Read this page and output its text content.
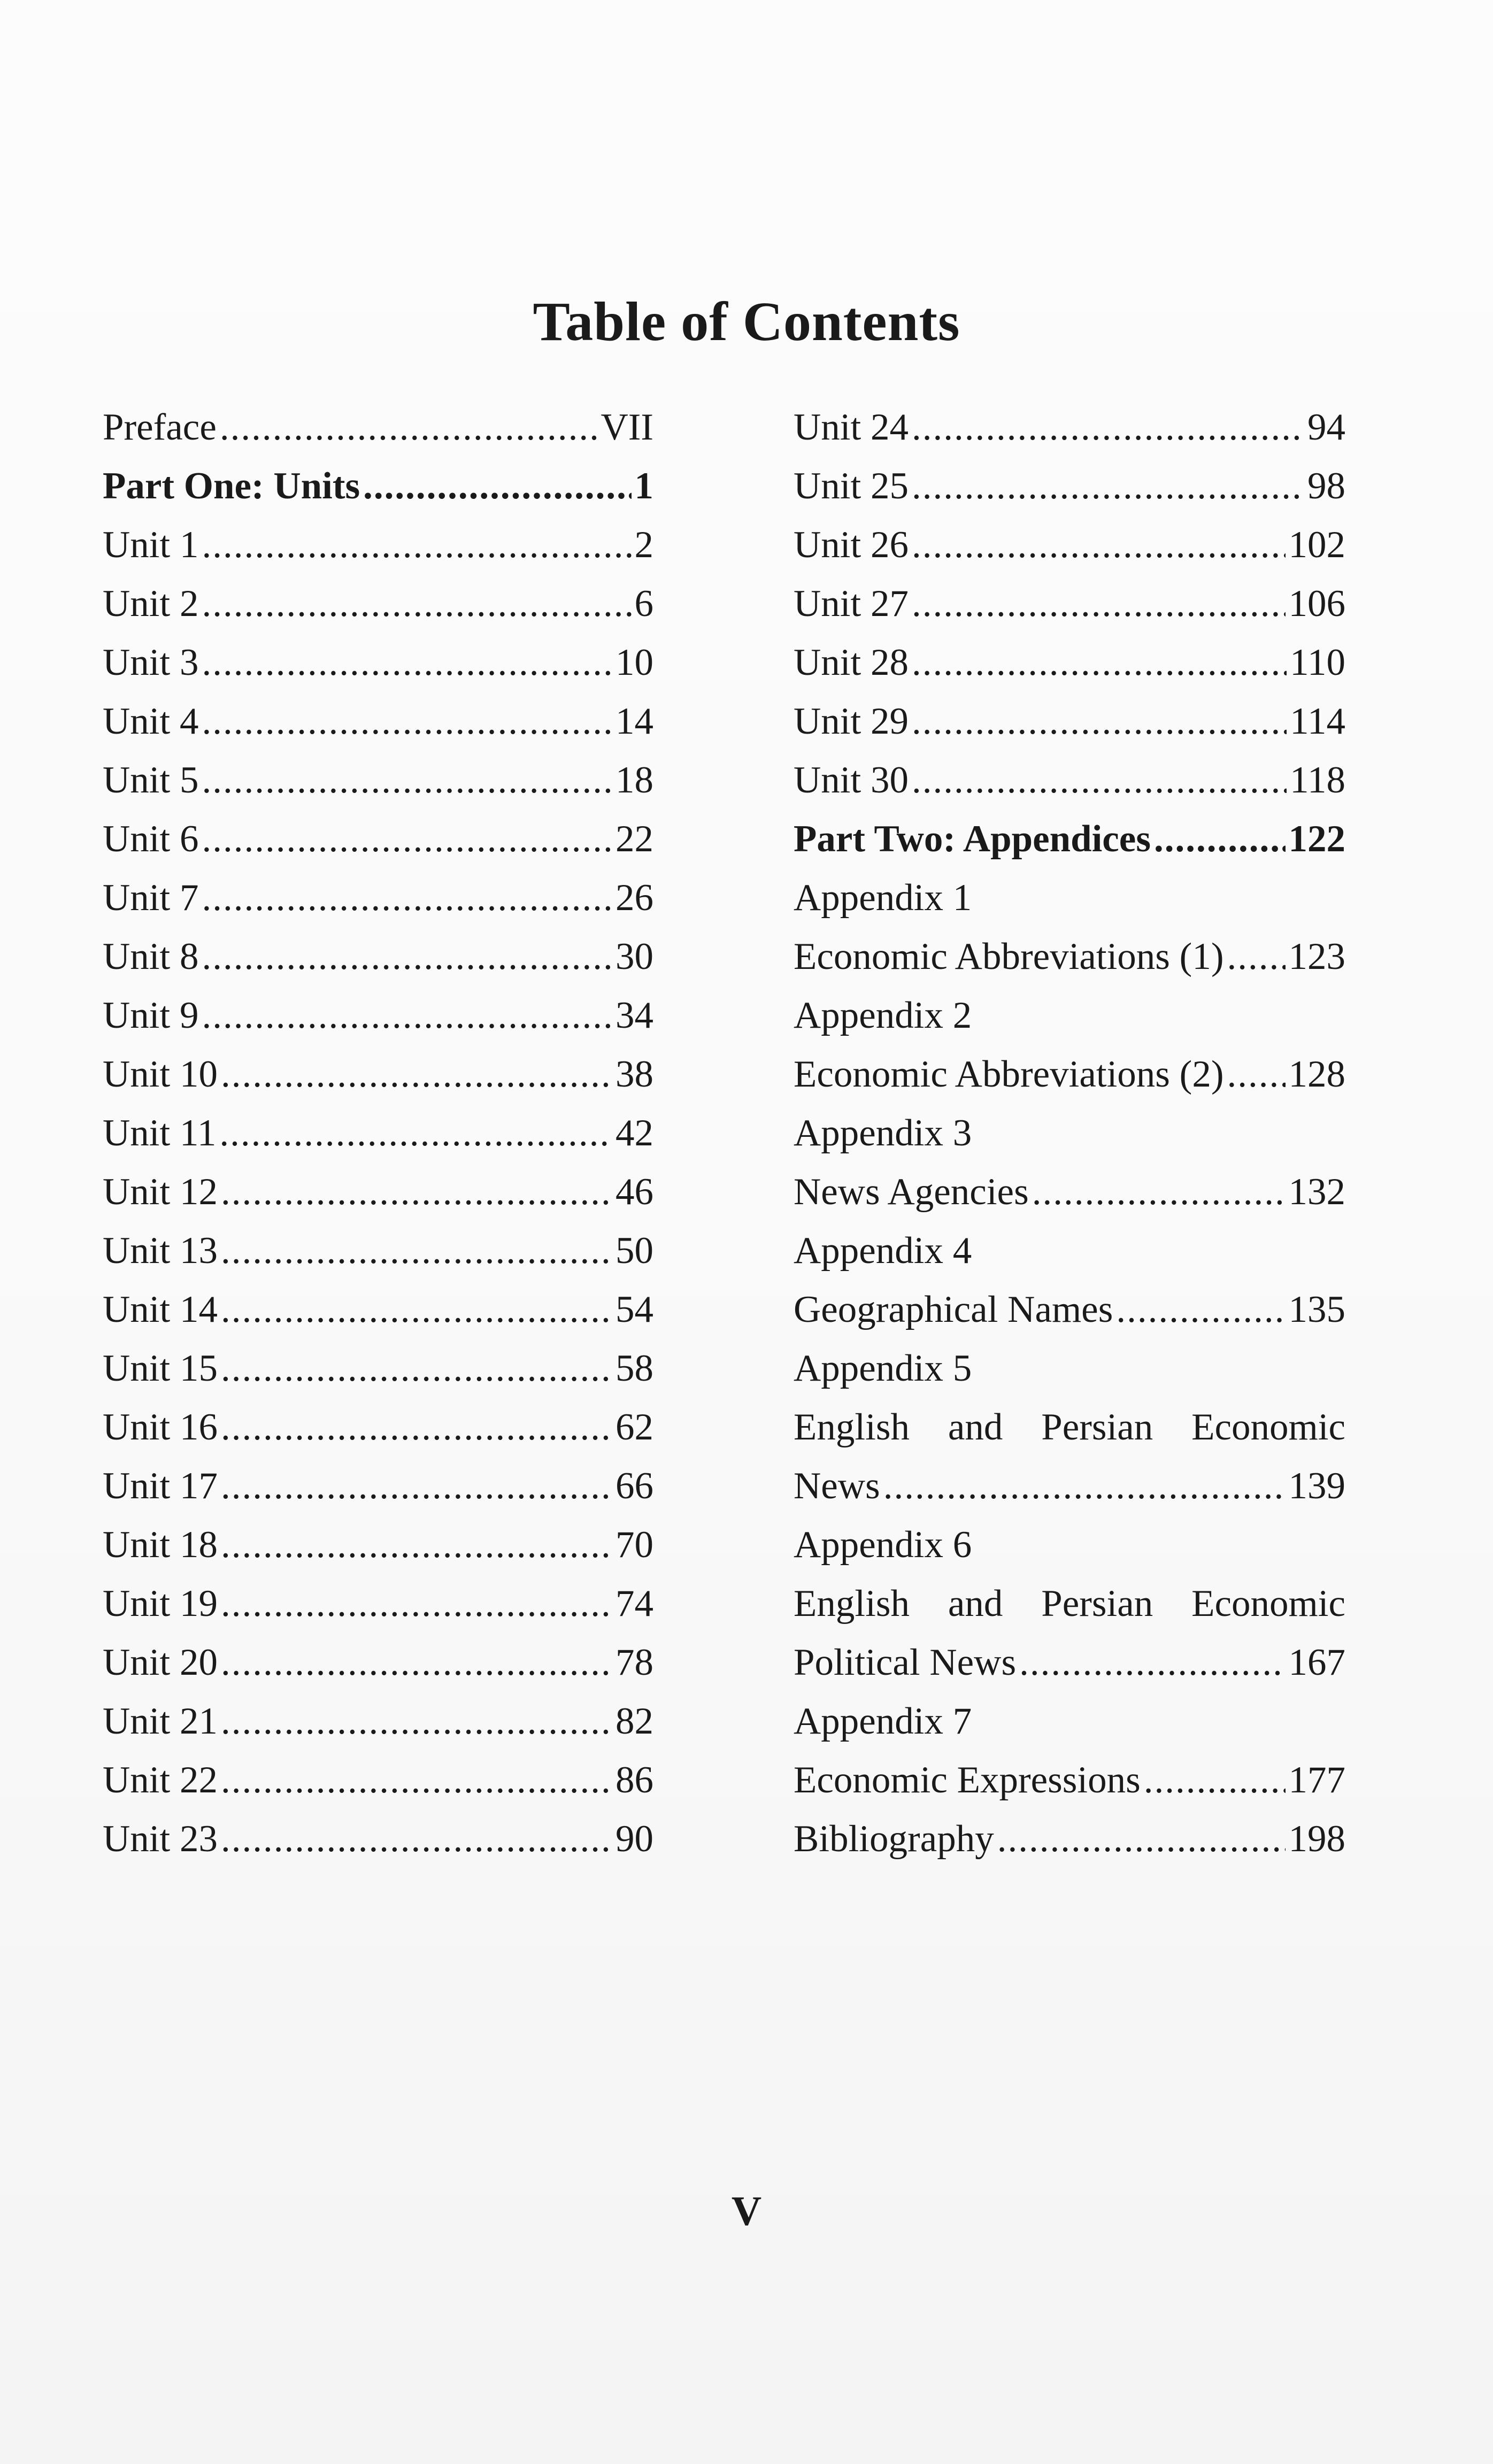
Table of Contents
Preface .....	VII
Part One: Units .....	1
Unit 1 .....	2
Unit 2 .....	6
Unit 3 .....	10
Unit 4 .....	14
Unit 5 .....	18
Unit 6 .....	22
Unit 7 .....	26
Unit 8 .....	30
Unit 9 .....	34
Unit 10 .....	38
Unit 11 .....	42
Unit 12 .....	46
Unit 13 .....	50
Unit 14 .....	54
Unit 15 .....	58
Unit 16 .....	62
Unit 17 .....	66
Unit 18 .....	70
Unit 19 .....	74
Unit 20 .....	78
Unit 21 .....	82
Unit 22 .....	86
Unit 23 .....	90
Unit 24 .....	94
Unit 25 .....	98
Unit 26 .....	102
Unit 27 .....	106
Unit 28 .....	110
Unit 29 .....	114
Unit 30 .....	118
Part Two: Appendices .....	122
Appendix 1
Economic Abbreviations (1) ..... 123
Appendix 2
Economic Abbreviations (2) ..... 128
Appendix 3
News Agencies .....	132
Appendix 4
Geographical Names .....	135
Appendix 5
English and Persian Economic
News .....	139
Appendix 6
English and Persian Economic
Political News .....	167
Appendix 7
Economic Expressions .....	177
Bibliography .....	198
V
